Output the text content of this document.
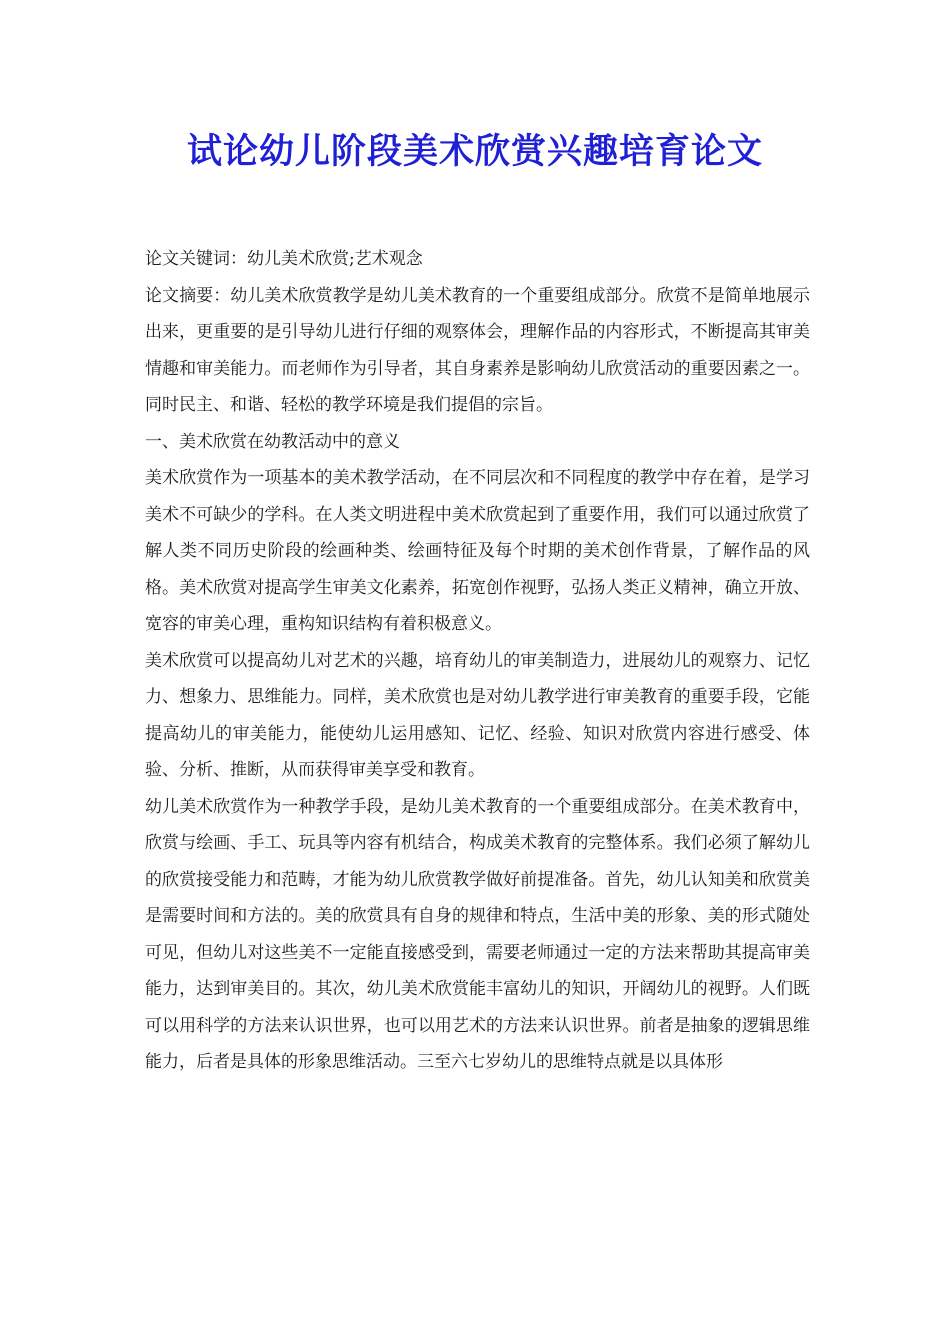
试论幼儿阶段美术欣赏兴趣培育论文

论文关键词：幼儿美术欣赏;艺术观念

论文摘要：幼儿美术欣赏教学是幼儿美术教育的一个重要组成部分。欣赏不是简单地展示出来，更重要的是引导幼儿进行仔细的观察体会，理解作品的内容形式，不断提高其审美情趣和审美能力。而老师作为引导者，其自身素养是影响幼儿欣赏活动的重要因素之一。同时民主、和谐、轻松的教学环境是我们提倡的宗旨。

一、美术欣赏在幼教活动中的意义

美术欣赏作为一项基本的美术教学活动，在不同层次和不同程度的教学中存在着，是学习美术不可缺少的学科。在人类文明进程中美术欣赏起到了重要作用，我们可以通过欣赏了解人类不同历史阶段的绘画种类、绘画特征及每个时期的美术创作背景，了解作品的风格。美术欣赏对提高学生审美文化素养，拓宽创作视野，弘扬人类正义精神，确立开放、宽容的审美心理，重构知识结构有着积极意义。

美术欣赏可以提高幼儿对艺术的兴趣，培育幼儿的审美制造力，进展幼儿的观察力、记忆力、想象力、思维能力。同样，美术欣赏也是对幼儿教学进行审美教育的重要手段，它能提高幼儿的审美能力，能使幼儿运用感知、记忆、经验、知识对欣赏内容进行感受、体验、分析、推断，从而获得审美享受和教育。

幼儿美术欣赏作为一种教学手段，是幼儿美术教育的一个重要组成部分。在美术教育中，欣赏与绘画、手工、玩具等内容有机结合，构成美术教育的完整体系。我们必须了解幼儿的欣赏接受能力和范畴，才能为幼儿欣赏教学做好前提准备。首先，幼儿认知美和欣赏美是需要时间和方法的。美的欣赏具有自身的规律和特点，生活中美的形象、美的形式随处可见，但幼儿对这些美不一定能直接感受到，需要老师通过一定的方法来帮助其提高审美能力，达到审美目的。其次，幼儿美术欣赏能丰富幼儿的知识，开阔幼儿的视野。人们既可以用科学的方法来认识世界，也可以用艺术的方法来认识世界。前者是抽象的逻辑思维能力，后者是具体的形象思维活动。三至六七岁幼儿的思维特点就是以具体形
